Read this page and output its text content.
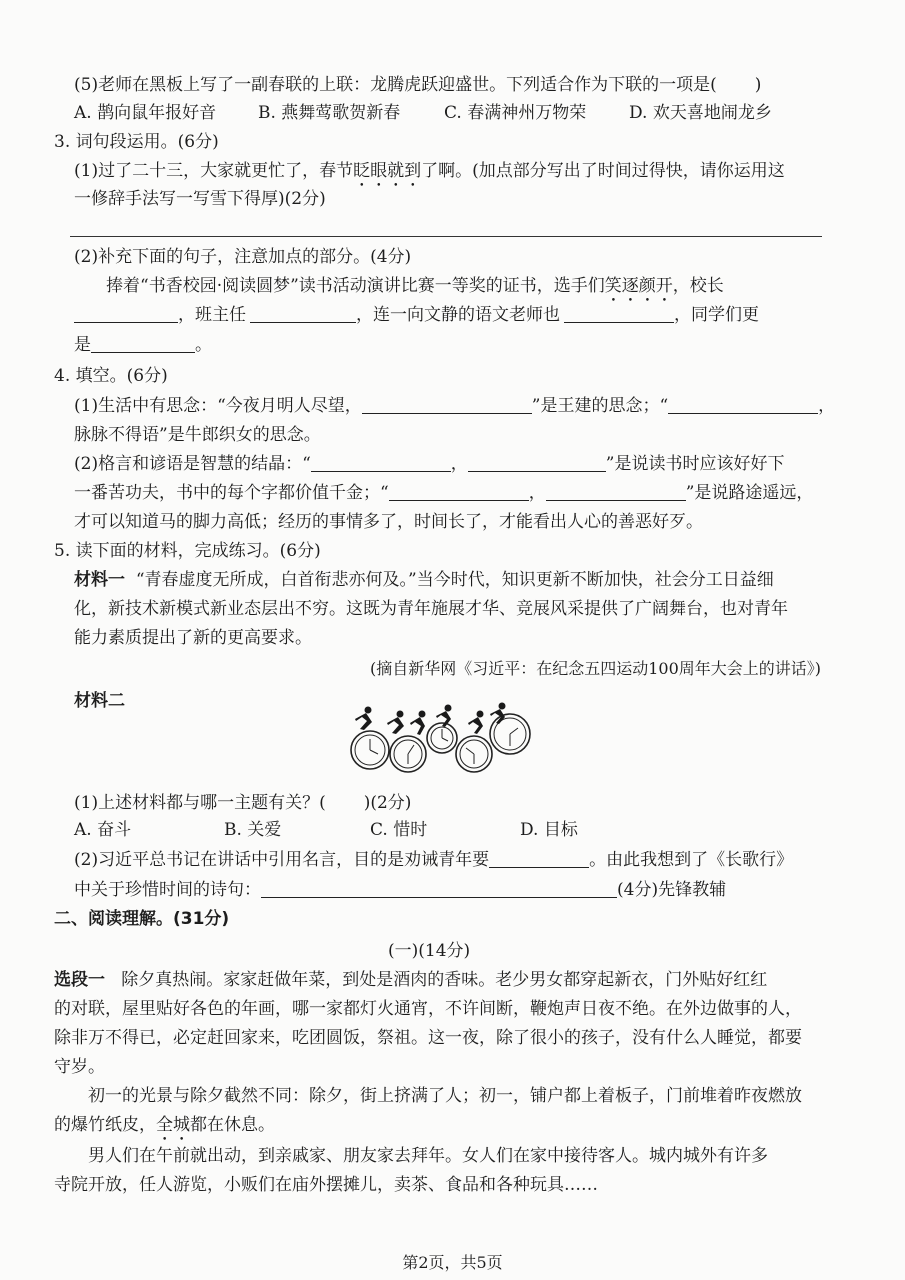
(5)老师在黑板上写了一副春联的上联：龙腾虎跃迎盛世。下列适合作为下联的一项是( )
A. 鹊向鼠年报好音 B. 燕舞莺歌贺新春	C. 春满神州万物荣	D. 欢天喜地闹龙乡
3. 词句段运用。(6分)
(1)过了二十三，大家就更忙了，春节眨眼就到了啊。(加点部分写出了时间过得快，请你运用这
一修辞手法写一写雪下得厚)(2分)
(2)补充下面的句子，注意加点的部分。(4分)
捧着“书香校园·阅读圆梦”读书活动演讲比赛一等奖的证书，选手们笑逐颜开，校长
，班主任	，连一向文静的语文老师也	，同学们更
是	。
4. 填空。(6分)
(1)生活中有思念：“今夜月明人尽望，	”是王建的思念；“	，
脉脉不得语”是牛郎织女的思念。
(2)格言和谚语是智慧的结晶：“	，	”是说读书时应该好好下
一番苦功夫，书中的每个字都价值千金；“	，	”是说路途遥远，
才可以知道马的脚力高低；经历的事情多了，时间长了，才能看出人心的善恶好歹。
5. 读下面的材料，完成练习。(6分)
材料一 “青春虚度无所成，白首衔悲亦何及。”当今时代，知识更新不断加快，社会分工日益细
化，新技术新模式新业态层出不穷。这既为青年施展才华、竞展风采提供了广阔舞台，也对青年
能力素质提出了新的更高要求。
(摘自新华网《习近平：在纪念五四运动100周年大会上的讲话》)
材料二
(1)上述材料都与哪一主题有关？( )(2分)
A. 奋斗	B. 关爱	C. 惜时	D. 目标
(2)习近平总书记在讲话中引用名言，目的是劝诫青年要	。由此我想到了《长歌行》
中关于珍惜时间的诗句：	(4分)先锋教辅
二、阅读理解。(31分)
(一)(14分)
选段一 除夕真热闹。家家赶做年菜，到处是酒肉的香味。老少男女都穿起新衣，门外贴好红红
的对联，屋里贴好各色的年画，哪一家都灯火通宵，不许间断，鞭炮声日夜不绝。在外边做事的人，
除非万不得已，必定赶回家来，吃团圆饭，祭祖。这一夜，除了很小的孩子，没有什么人睡觉，都要
守岁。
初一的光景与除夕截然不同：除夕，街上挤满了人；初一，铺户都上着板子，门前堆着昨夜燃放
的爆竹纸皮，全城都在休息。
男人们在午前就出动，到亲戚家、朋友家去拜年。女人们在家中接待客人。城内城外有许多
寺院开放，任人游览，小贩们在庙外摆摊儿，卖茶、食品和各种玩具……
第2页，共5页
